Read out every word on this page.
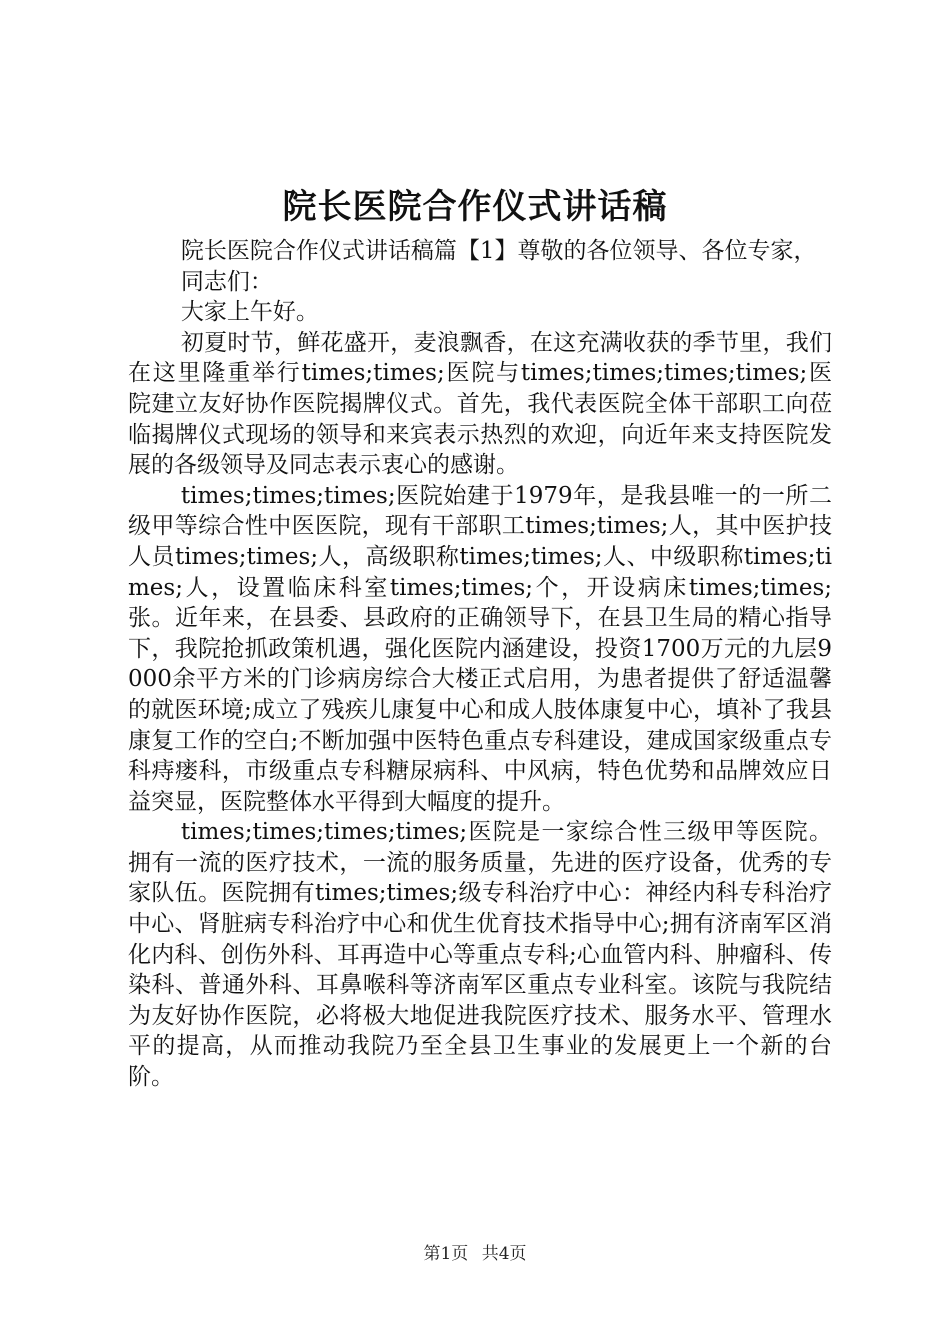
院长医院合作仪式讲话稿

院长医院合作仪式讲话稿篇【1】尊敬的各位领导、各位专家，

同志们：

大家上午好。

初夏时节，鲜花盛开，麦浪飘香，在这充满收获的季节里，我们在这里隆重举行times;times;医院与times;times;times;times;医院建立友好协作医院揭牌仪式。首先，我代表医院全体干部职工向莅临揭牌仪式现场的领导和来宾表示热烈的欢迎，向近年来支持医院发展的各级领导及同志表示衷心的感谢。

times;times;times;医院始建于1979年，是我县唯一的一所二级甲等综合性中医医院，现有干部职工times;times;人，其中医护技人员times;times;人，高级职称times;times;人、中级职称times;times;人，设置临床科室times;times;个，开设病床times;times;张。近年来，在县委、县政府的正确领导下，在县卫生局的精心指导下，我院抢抓政策机遇，强化医院内涵建设，投资1700万元的九层9000余平方米的门诊病房综合大楼正式启用，为患者提供了舒适温馨的就医环境;成立了残疾儿康复中心和成人肢体康复中心，填补了我县康复工作的空白;不断加强中医特色重点专科建设，建成国家级重点专科痔瘘科，市级重点专科糖尿病科、中风病，特色优势和品牌效应日益突显，医院整体水平得到大幅度的提升。

times;times;times;times;医院是一家综合性三级甲等医院。拥有一流的医疗技术，一流的服务质量，先进的医疗设备，优秀的专家队伍。医院拥有times;times;级专科治疗中心：神经内科专科治疗中心、肾脏病专科治疗中心和优生优育技术指导中心;拥有济南军区消化内科、创伤外科、耳再造中心等重点专科;心血管内科、肿瘤科、传染科、普通外科、耳鼻喉科等济南军区重点专业科室。该院与我院结为友好协作医院，必将极大地促进我院医疗技术、服务水平、管理水平的提高，从而推动我院乃至全县卫生事业的发展更上一个新的台阶。

第1页 共4页
